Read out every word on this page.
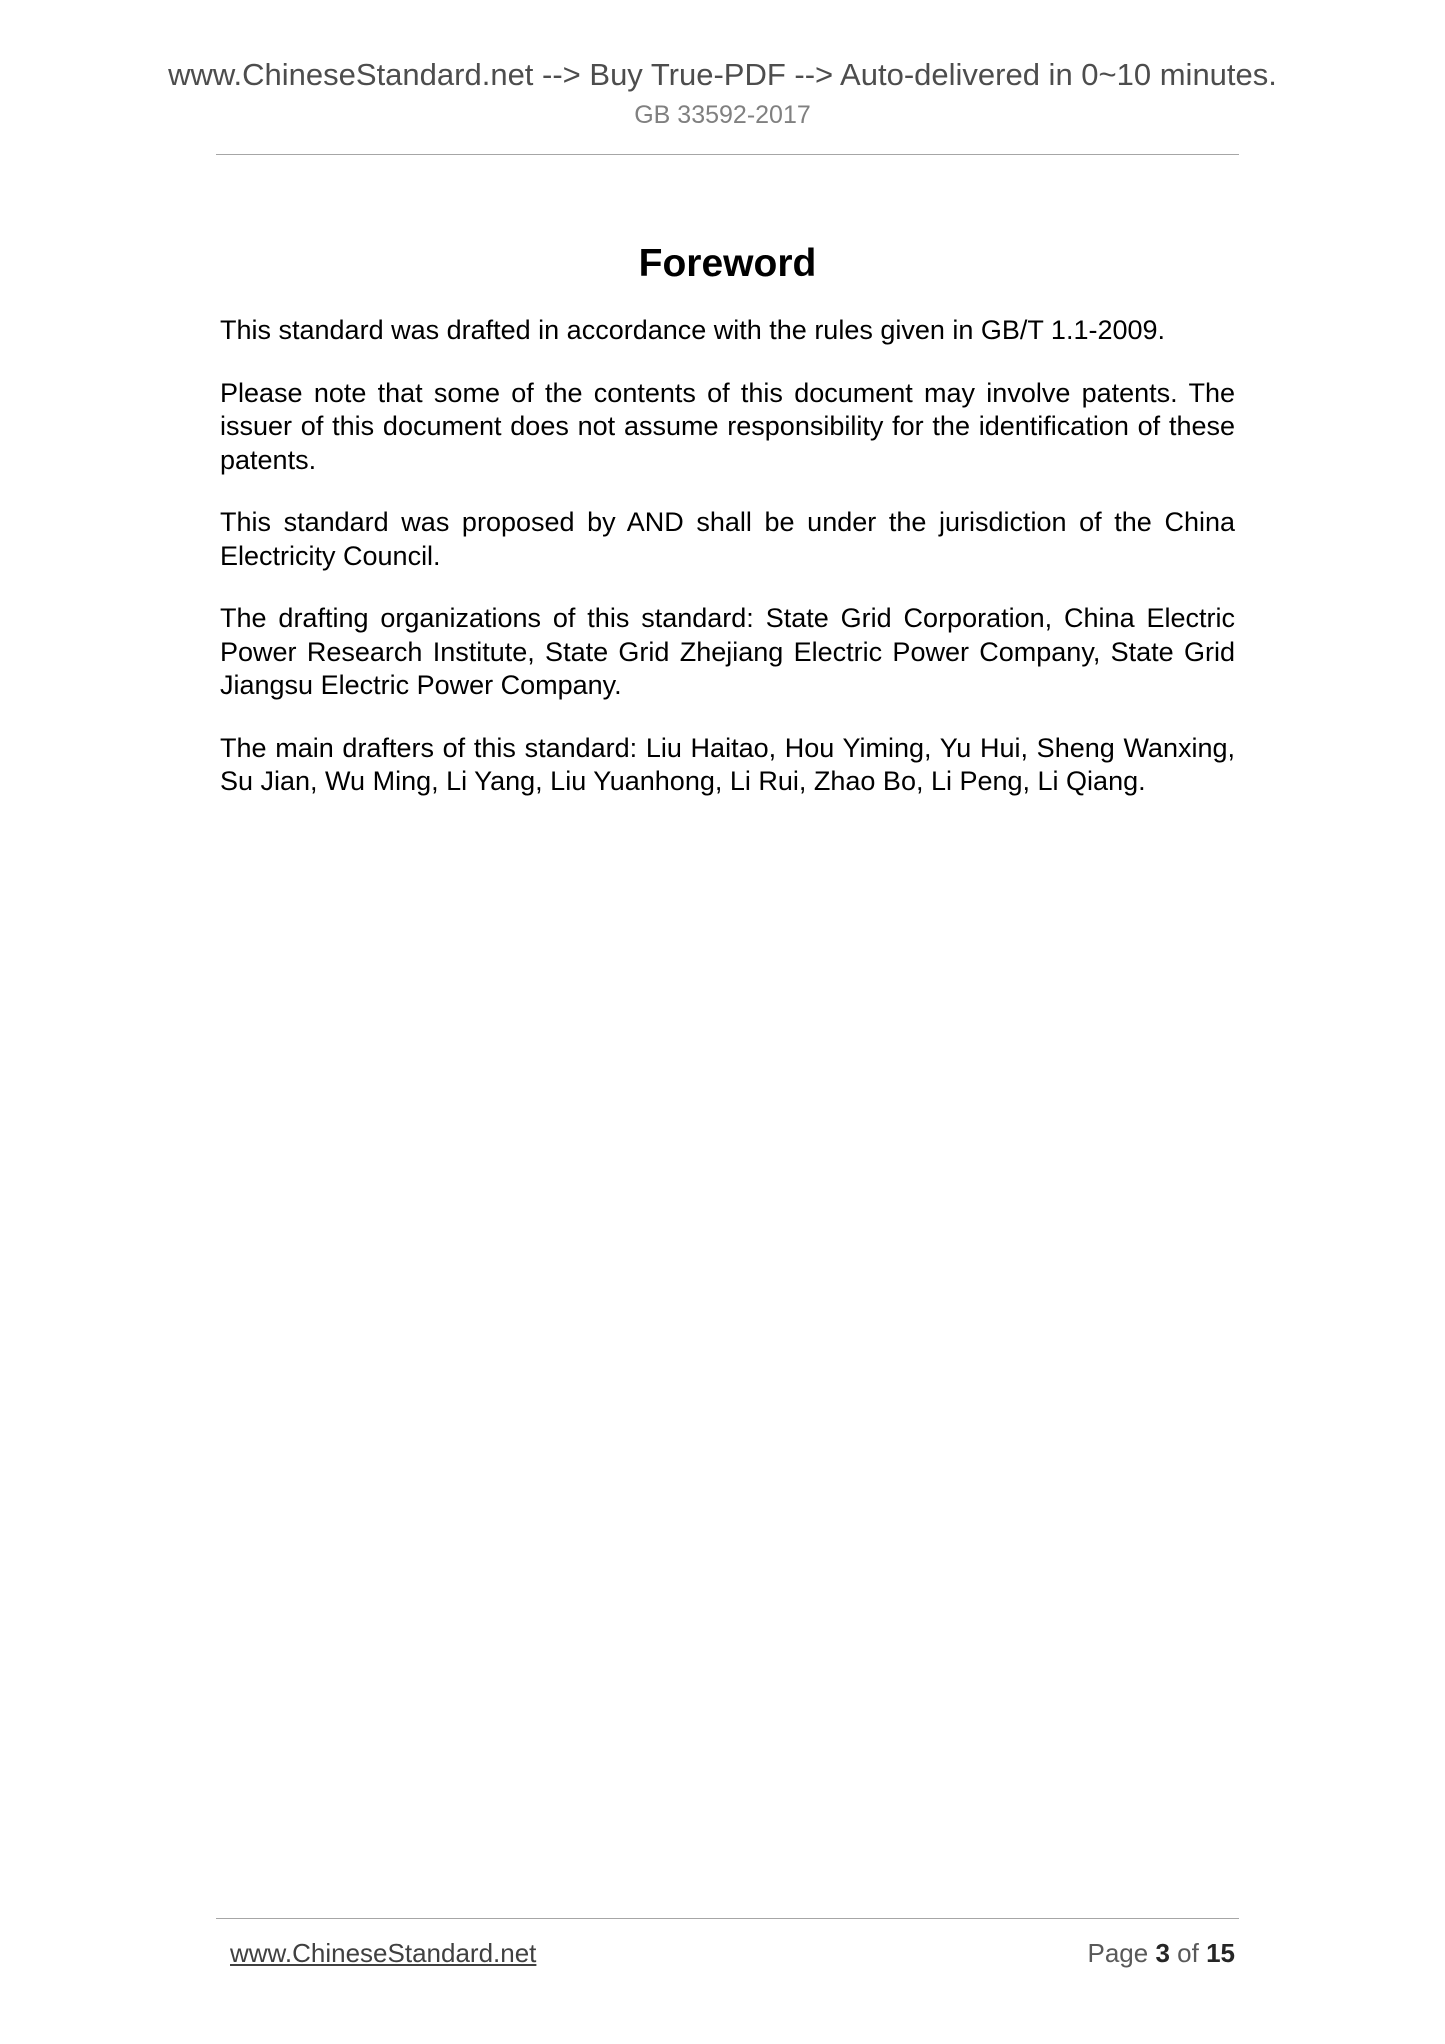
www.ChineseStandard.net --> Buy True-PDF --> Auto-delivered in 0~10 minutes.
GB 33592-2017
Foreword

This standard was drafted in accordance with the rules given in GB/T 1.1-2009.

Please note that some of the contents of this document may involve patents. The issuer of this document does not assume responsibility for the identification of these patents.

This standard was proposed by AND shall be under the jurisdiction of the China Electricity Council.

The drafting organizations of this standard: State Grid Corporation, China Electric Power Research Institute, State Grid Zhejiang Electric Power Company, State Grid Jiangsu Electric Power Company.

The main drafters of this standard: Liu Haitao, Hou Yiming, Yu Hui, Sheng Wanxing, Su Jian, Wu Ming, Li Yang, Liu Yuanhong, Li Rui, Zhao Bo, Li Peng, Li Qiang.

www.ChineseStandard.net	Page 3 of 15
